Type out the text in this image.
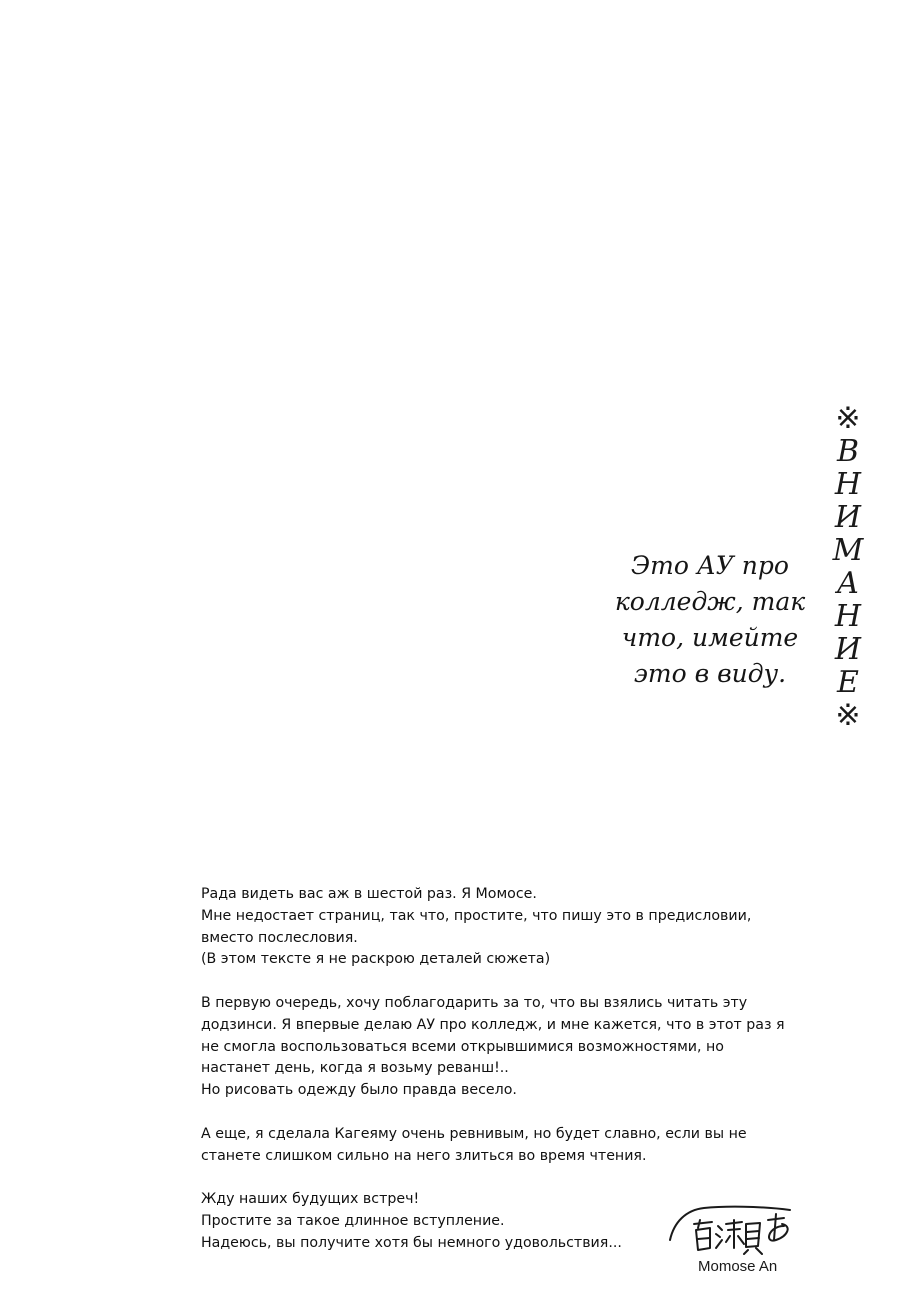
※
В
Н
И
М
А
Н
И
Е
※
Это АУ про
колледж, так
что, имейте
это в виду.
Рада видеть вас аж в шестой раз. Я Момосе.
Мне недостает страниц, так что, простите, что пишу это в предисловии,
вместо послесловия.
(В этом тексте я не раскрою деталей сюжета)
В первую очередь, хочу поблагодарить за то, что вы взялись читать эту
додзинси. Я впервые делаю АУ про колледж, и мне кажется, что в этот раз я
не смогла воспользоваться всеми открывшимися возможностями, но
настанет день, когда я возьму реванш!..
Но рисовать одежду было правда весело.
А еще, я сделала Кагеяму очень ревнивым, но будет славно, если вы не
станете слишком сильно на него злиться во время чтения.
Жду наших будущих встреч!
Простите за такое длинное вступление.
Надеюсь, вы получите хотя бы немного удовольствия...
Momose An
